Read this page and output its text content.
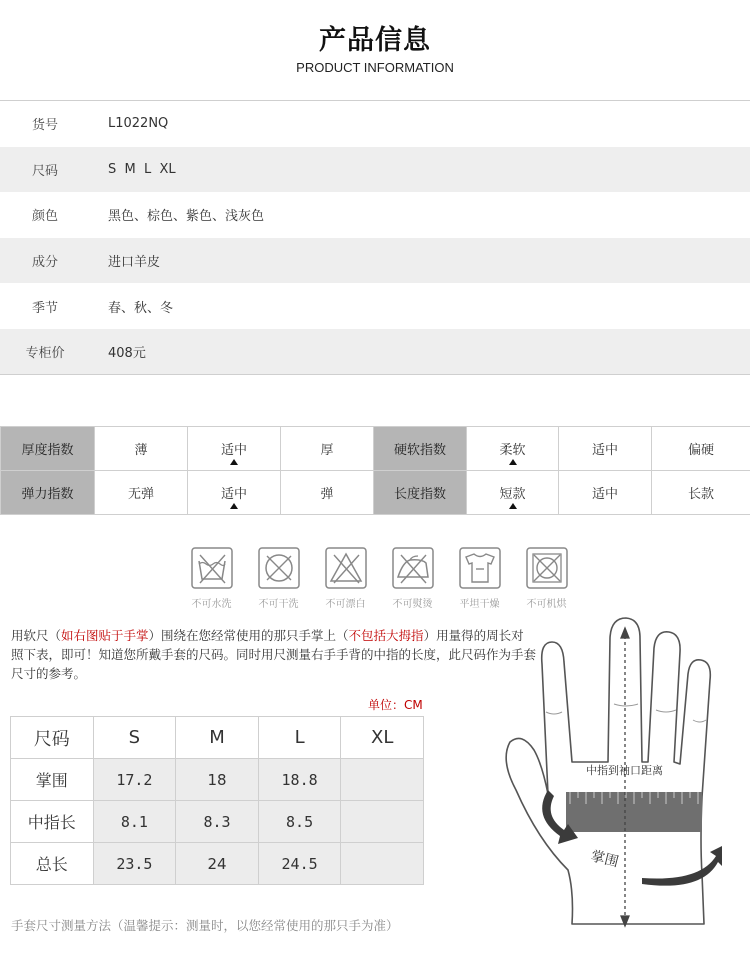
产品信息
PRODUCT INFORMATION
货号	L1022NQ
尺码	S  M  L  XL
颜色	黑色、棕色、紫色、浅灰色
成分	进口羊皮
季节	春、秋、冬
专柜价	408元
厚度指数	薄	适中	厚	硬软指数	柔软	适中	偏硬
弹力指数	无弹	适中	弹	长度指数	短款	适中	长款
不可水洗	不可干洗	不可漂白	不可熨烫	平坦干燥	不可机烘
用软尺（如右图贴于手掌）围绕在您经常使用的那只手掌上（不包括大拇指）用量得的周长对照下表，即可！知道您所戴手套的尺码。同时用尺测量右手手背的中指的长度，此尺码作为手套尺寸的参考。
单位：CM
尺码	S	M	L	XL
掌围	17.2	18	18.8	
中指长	8.1	8.3	8.5	
总长	23.5	24	24.5	
手套尺寸测量方法（温馨提示：测量时，以您经常使用的那只手为准）
中指到袖口距离
掌围
